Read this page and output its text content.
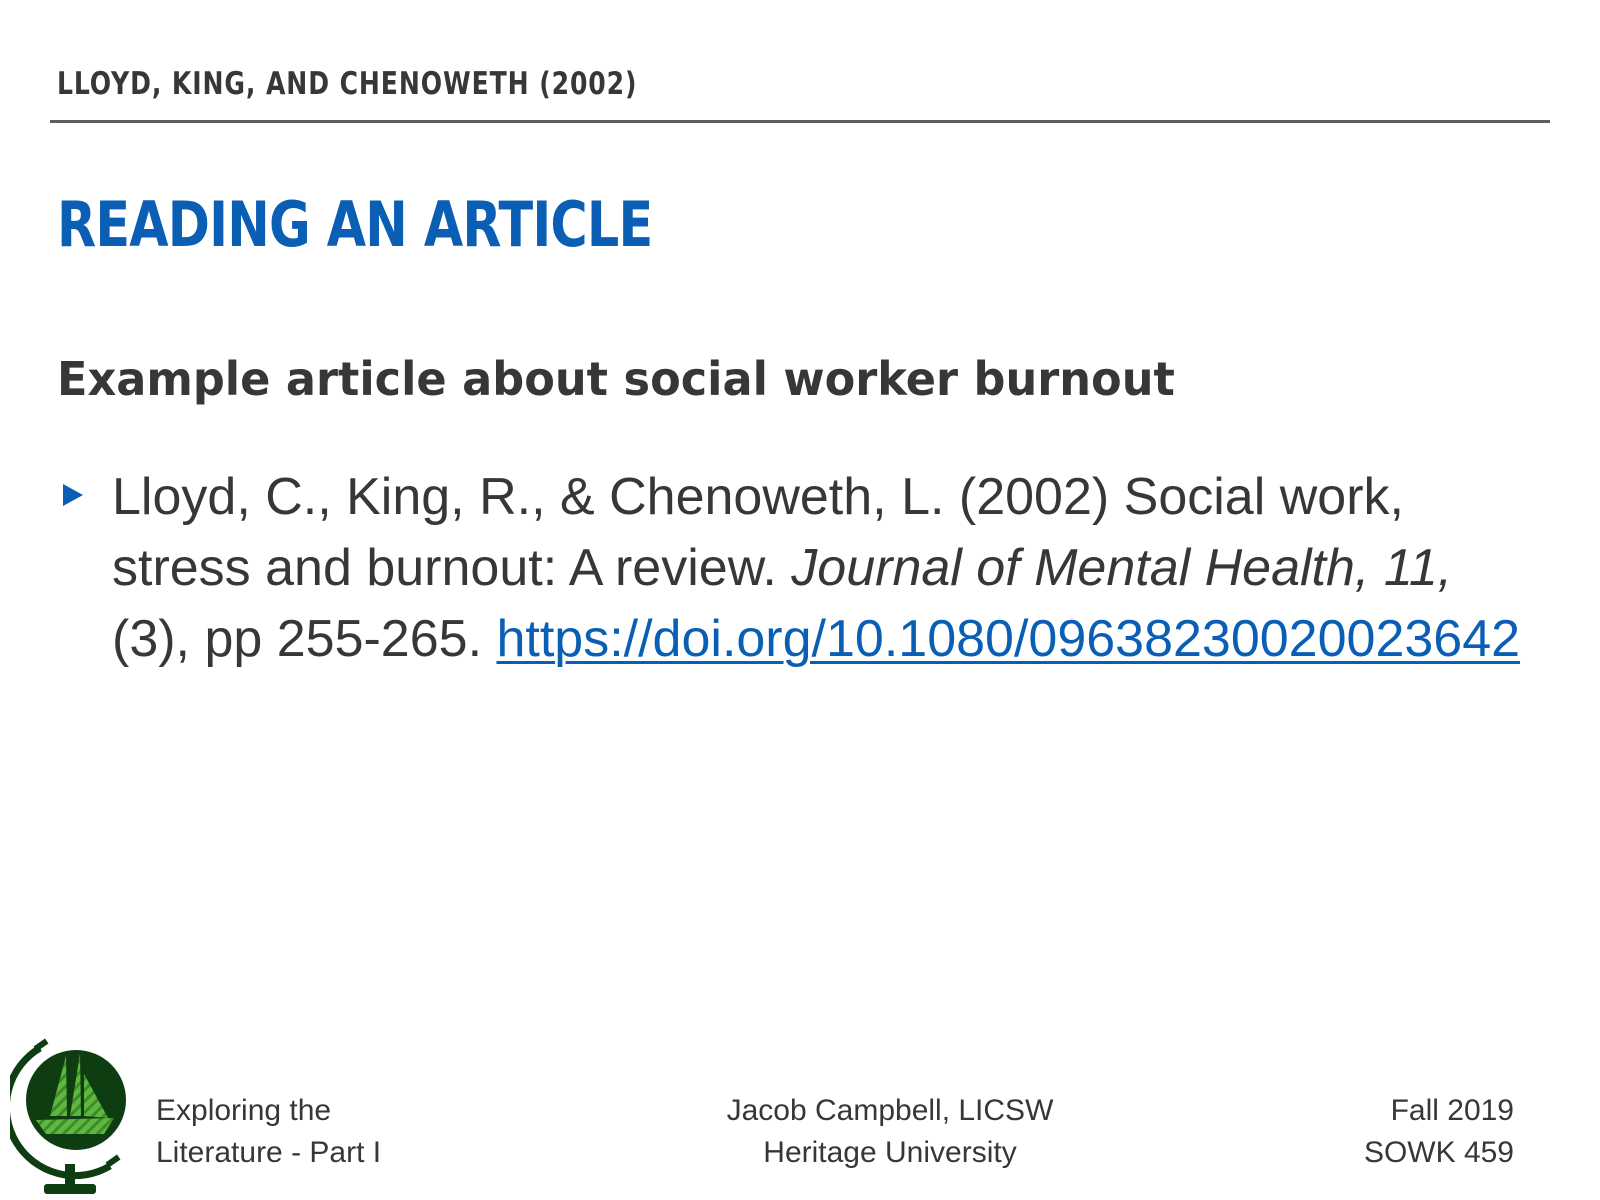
LLOYD, KING, AND CHENOWETH (2002)
READING AN ARTICLE
Example article about social worker burnout
Lloyd, C., King, R., & Chenoweth, L. (2002) Social work, stress and burnout: A review. Journal of Mental Health, 11, (3), pp 255-265. https://doi.org/10.1080/09638230020023642
Exploring the
Literature - Part I
Jacob Campbell, LICSW
Heritage University
Fall 2019
SOWK 459
